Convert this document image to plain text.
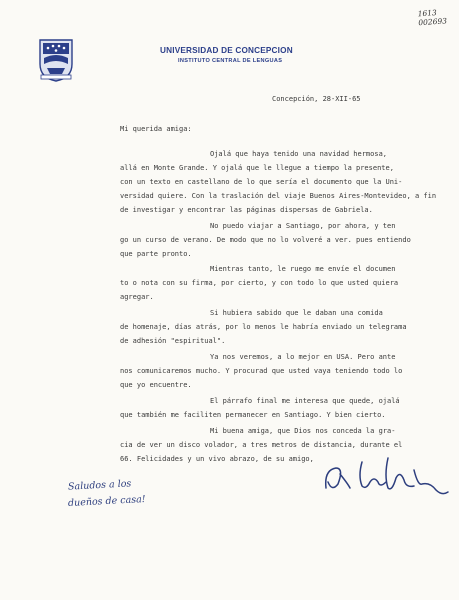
UNIVERSIDAD DE CONCEPCION
INSTITUTO CENTRAL DE LENGUAS
1613
002693
Concepción, 28-XII-65
Mi querida amiga:
Ojalá que haya tenido una navidad hermosa,
allá en Monte Grande. Y ojalá que le llegue a tiempo la presente,
con un texto en castellano de lo que sería el documento que la Uni-
versidad quiere. Con la traslación del viaje Buenos Aires-Montevideo, a fin
de investigar y encontrar las páginas dispersas de Gabriela.
No puedo viajar a Santiago, por ahora, y ten
go un curso de verano. De modo que no lo volveré a ver. pues entiendo
que parte pronto.
Mientras tanto, le ruego me envíe el documen
to o nota con su firma, por cierto, y con todo lo que usted quiera
agregar.
Si hubiera sabido que le daban una comida
de homenaje, días atrás, por lo menos le habría enviado un telegrama
de adhesión "espiritual".
Ya nos veremos, a lo mejor en USA. Pero ante
nos comunicaremos mucho. Y procurad que usted vaya teniendo todo lo
que yo encuentre.
El párrafo final me interesa que quede, ojalá
que también me faciliten permanecer en Santiago. Y bien cierto.
Mi buena amiga, que Dios nos conceda la gra-
cia de ver un disco volador, a tres metros de distancia, durante el
66. Felicidades y un vivo abrazo, de su amigo,
Saludos a los
dueños de casa!
